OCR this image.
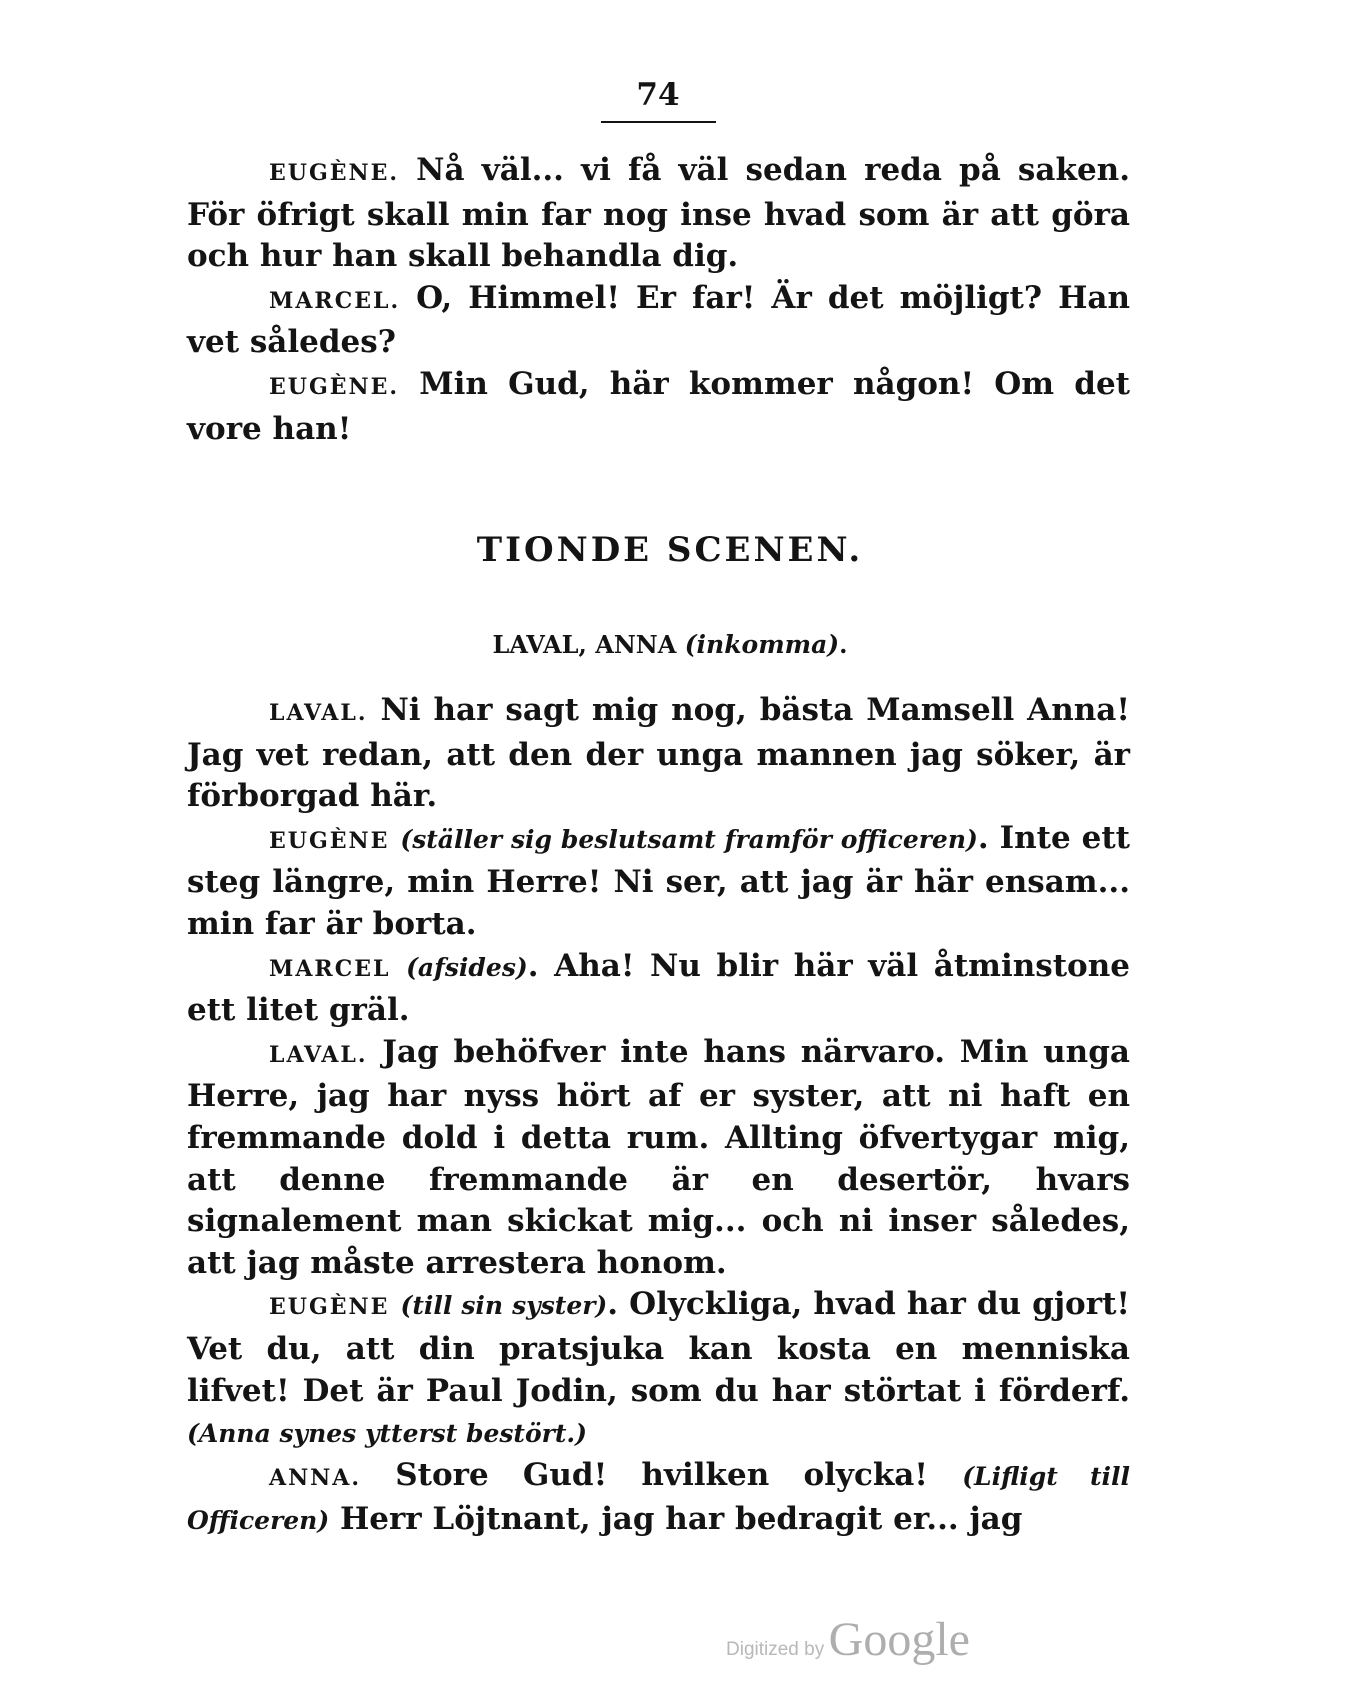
74

EUGÈNE. Nå väl... vi få väl sedan reda på saken. För öfrigt skall min far nog inse hvad som är att göra och hur han skall behandla dig.

MARCEL. O, Himmel! Er far! Är det möjligt? Han vet således?

EUGÈNE. Min Gud, här kommer någon! Om det vore han!

TIONDE SCENEN.
LAVAL, ANNA (inkomma).

LAVAL. Ni har sagt mig nog, bästa Mamsell Anna! Jag vet redan, att den der unga mannen jag söker, är förborgad här.

EUGÈNE (ställer sig beslutsamt framför officeren). Inte ett steg längre, min Herre! Ni ser, att jag är här ensam... min far är borta.

MARCEL (afsides). Aha! Nu blir här väl åtminstone ett litet gräl.

LAVAL. Jag behöfver inte hans närvaro. Min unga Herre, jag har nyss hört af er syster, att ni haft en fremmande dold i detta rum. Allting öfvertygar mig, att denne fremmande är en desertör, hvars signalement man skickat mig... och ni inser således, att jag måste arrestera honom.

EUGÈNE (till sin syster). Olyckliga, hvad har du gjort! Vet du, att din pratsjuka kan kosta en menniska lifvet! Det är Paul Jodin, som du har störtat i förderf. (Anna synes ytterst bestört.)

ANNA. Store Gud! hvilken olycka! (Lifligt till Officeren) Herr Löjtnant, jag har bedragit er... jag

Digitized by Google
